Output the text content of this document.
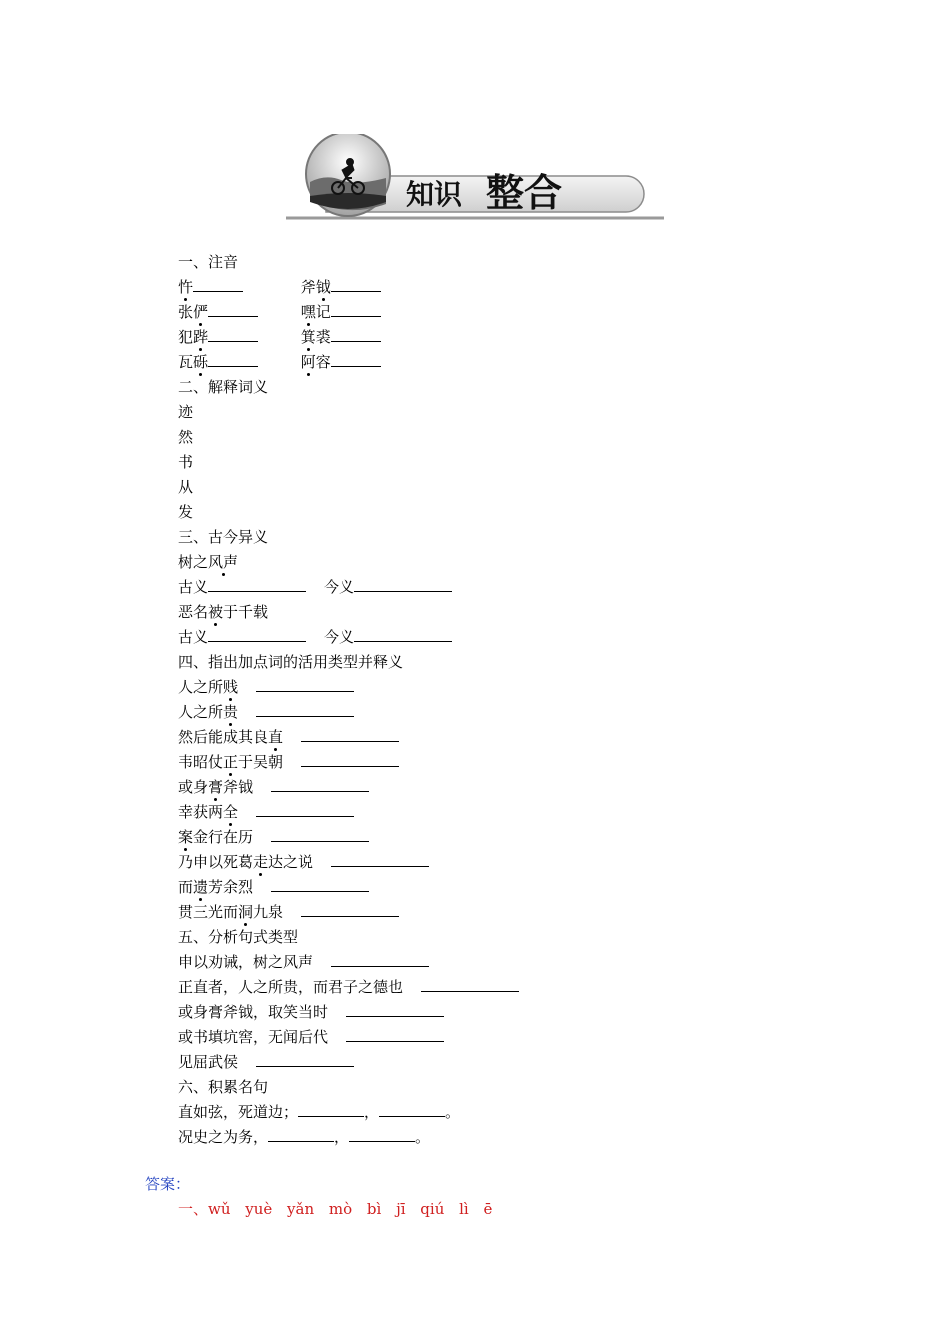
知识 整合
一、注音
忤	斧钺
张俨	嘿记
犯跸	箕裘
瓦砾	阿容
二、解释词义
迹
然
书
从
发
三、古今异义
树之风声
古义	今义
恶名被于千载
古义	今义
四、指出加点词的活用类型并释义
人之所贱
人之所贵
然后能成其良直
韦昭仗正于吴朝
或身膏斧钺
幸获两全
案金行在历
乃申以死葛走达之说
而遗芳余烈
贯三光而洞九泉
五、分析句式类型
申以劝诫，树之风声
正直者，人之所贵，而君子之德也
或身膏斧钺，取笑当时
或书填坑窖，无闻后代
见屈武侯
六、积累名句
直如弦，死道边；	，	。
况史之为务，	，	。
答案：
一、wǔ yuè yǎn mò bì jī qiú lì ē
